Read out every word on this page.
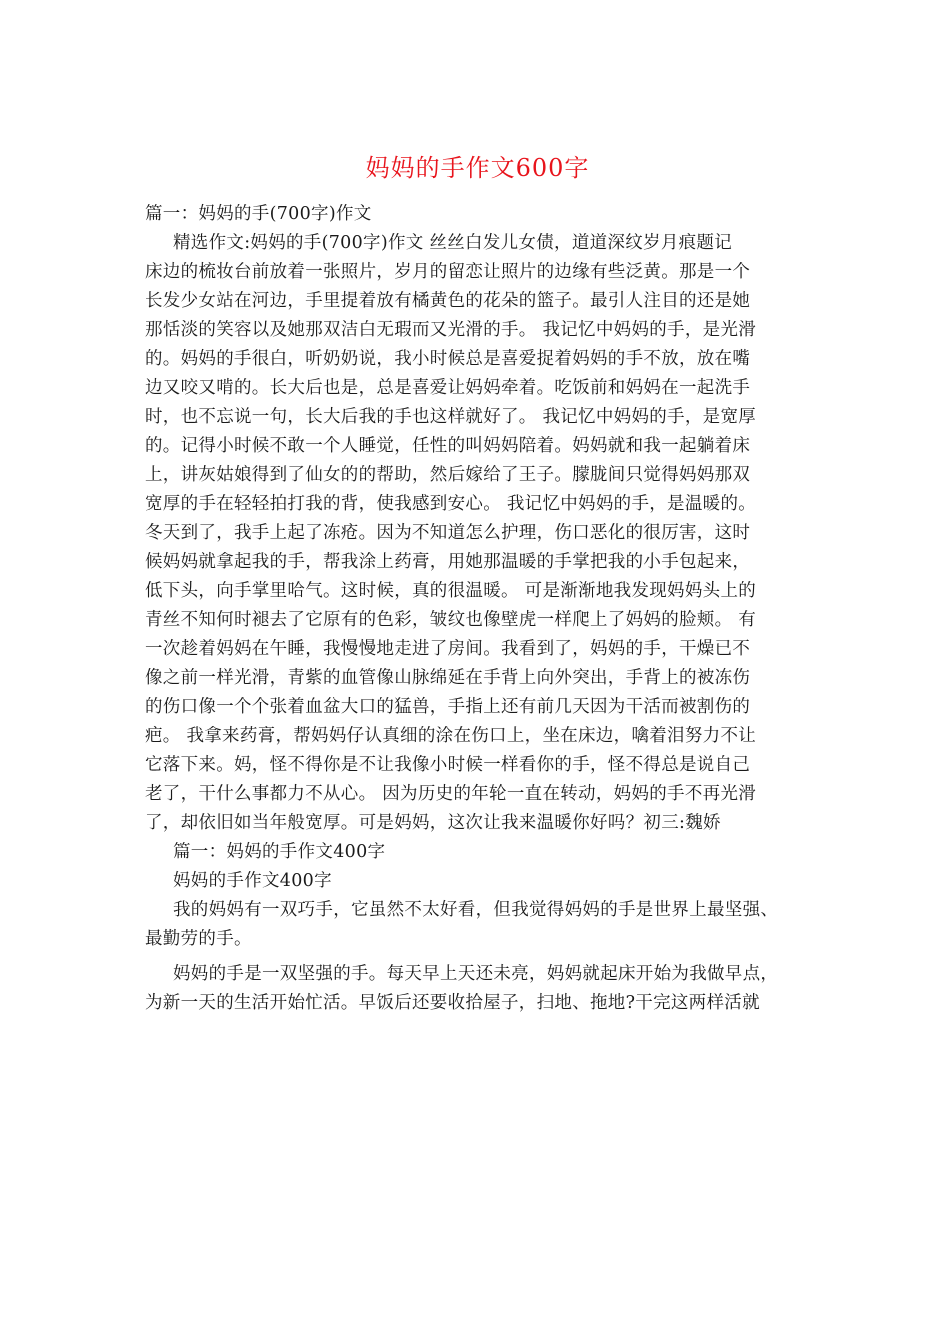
妈妈的手作文600字

篇一：妈妈的手(700字)作文

精选作文:妈妈的手(700字)作文 丝丝白发儿女债，道道深纹岁月痕题记

床边的梳妆台前放着一张照片，岁月的留恋让照片的边缘有些泛黄。那是一个

长发少女站在河边，手里提着放有橘黄色的花朵的篮子。最引人注目的还是她

那恬淡的笑容以及她那双洁白无瑕而又光滑的手。 我记忆中妈妈的手，是光滑

的。妈妈的手很白，听奶奶说，我小时候总是喜爱捉着妈妈的手不放，放在嘴

边又咬又啃的。长大后也是，总是喜爱让妈妈牵着。吃饭前和妈妈在一起洗手

时，也不忘说一句，长大后我的手也这样就好了。 我记忆中妈妈的手，是宽厚

的。记得小时候不敢一个人睡觉，任性的叫妈妈陪着。妈妈就和我一起躺着床

上，讲灰姑娘得到了仙女的的帮助，然后嫁给了王子。朦胧间只觉得妈妈那双

宽厚的手在轻轻拍打我的背，使我感到安心。 我记忆中妈妈的手，是温暖的。

冬天到了，我手上起了冻疮。因为不知道怎么护理，伤口恶化的很厉害，这时

候妈妈就拿起我的手，帮我涂上药膏，用她那温暖的手掌把我的小手包起来，

低下头，向手掌里哈气。这时候，真的很温暖。 可是渐渐地我发现妈妈头上的

青丝不知何时褪去了它原有的色彩，皱纹也像壁虎一样爬上了妈妈的脸颊。 有

一次趁着妈妈在午睡，我慢慢地走进了房间。我看到了，妈妈的手，干燥已不

像之前一样光滑，青紫的血管像山脉绵延在手背上向外突出，手背上的被冻伤

的伤口像一个个张着血盆大口的猛兽，手指上还有前几天因为干活而被割伤的

疤。 我拿来药膏，帮妈妈仔认真细的涂在伤口上，坐在床边，噙着泪努力不让

它落下来。妈，怪不得你是不让我像小时候一样看你的手，怪不得总是说自己

老了，干什么事都力不从心。 因为历史的年轮一直在转动，妈妈的手不再光滑

了，却依旧如当年般宽厚。可是妈妈，这次让我来温暖你好吗？初三:魏娇

篇一：妈妈的手作文400字

妈妈的手作文400字

我的妈妈有一双巧手，它虽然不太好看，但我觉得妈妈的手是世界上最坚强、

最勤劳的手。

妈妈的手是一双坚强的手。每天早上天还未亮，妈妈就起床开始为我做早点，

为新一天的生活开始忙活。早饭后还要收拾屋子，扫地、拖地?干完这两样活就
